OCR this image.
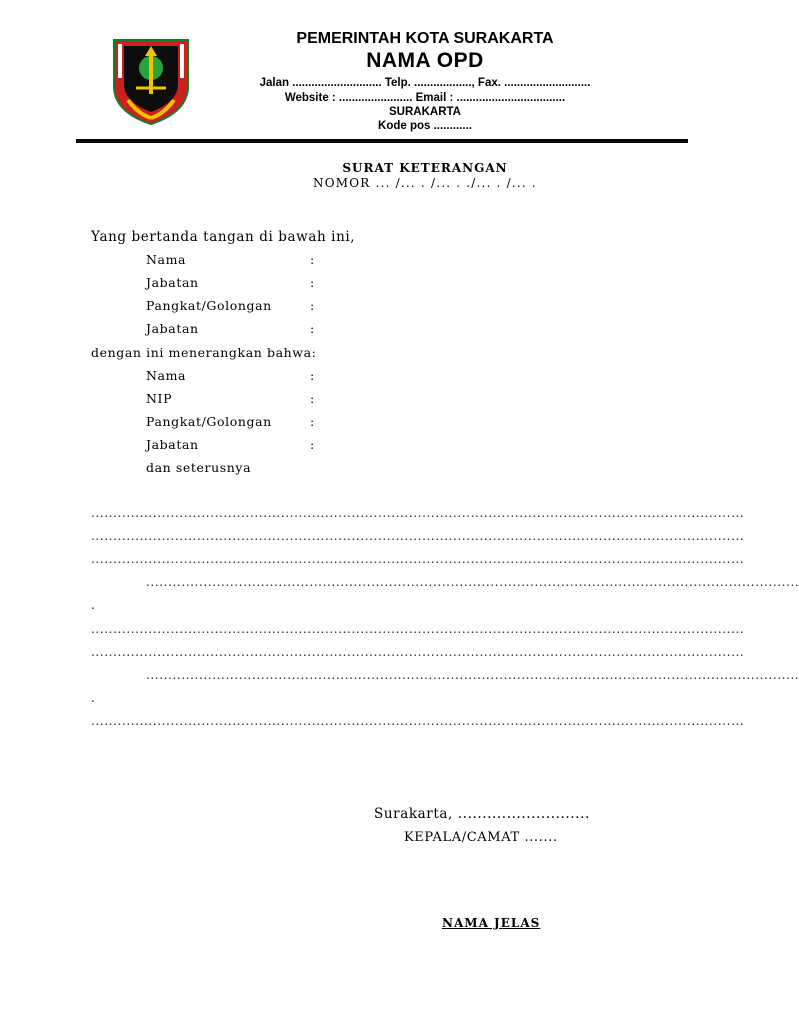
PEMERINTAH KOTA SURAKARTA
NAMA OPD
Jalan ............................ Telp. .................., Fax. ...........................
Website : ....................... Email : ..................................
SURAKARTA
Kode pos ............
SURAT KETERANGAN
NOMOR ... /... . /... . ./... . /... .
Yang bertanda tangan di bawah ini,
Nama	:
Jabatan	:
Pangkat/Golongan	:
Jabatan	:
dengan ini menerangkan bahwa:
Nama	:
NIP	:
Pangkat/Golongan	:
Jabatan	:
dan seterusnya
....................................................................................................................................................
....................................................................................................................................................
....................................................................................................................................................
....................................................................................................................................................
.
....................................................................................................................................................
....................................................................................................................................................
....................................................................................................................................................
.
....................................................................................................................................................
Surakarta, ...........................
KEPALA/CAMAT .......
NAMA JELAS
